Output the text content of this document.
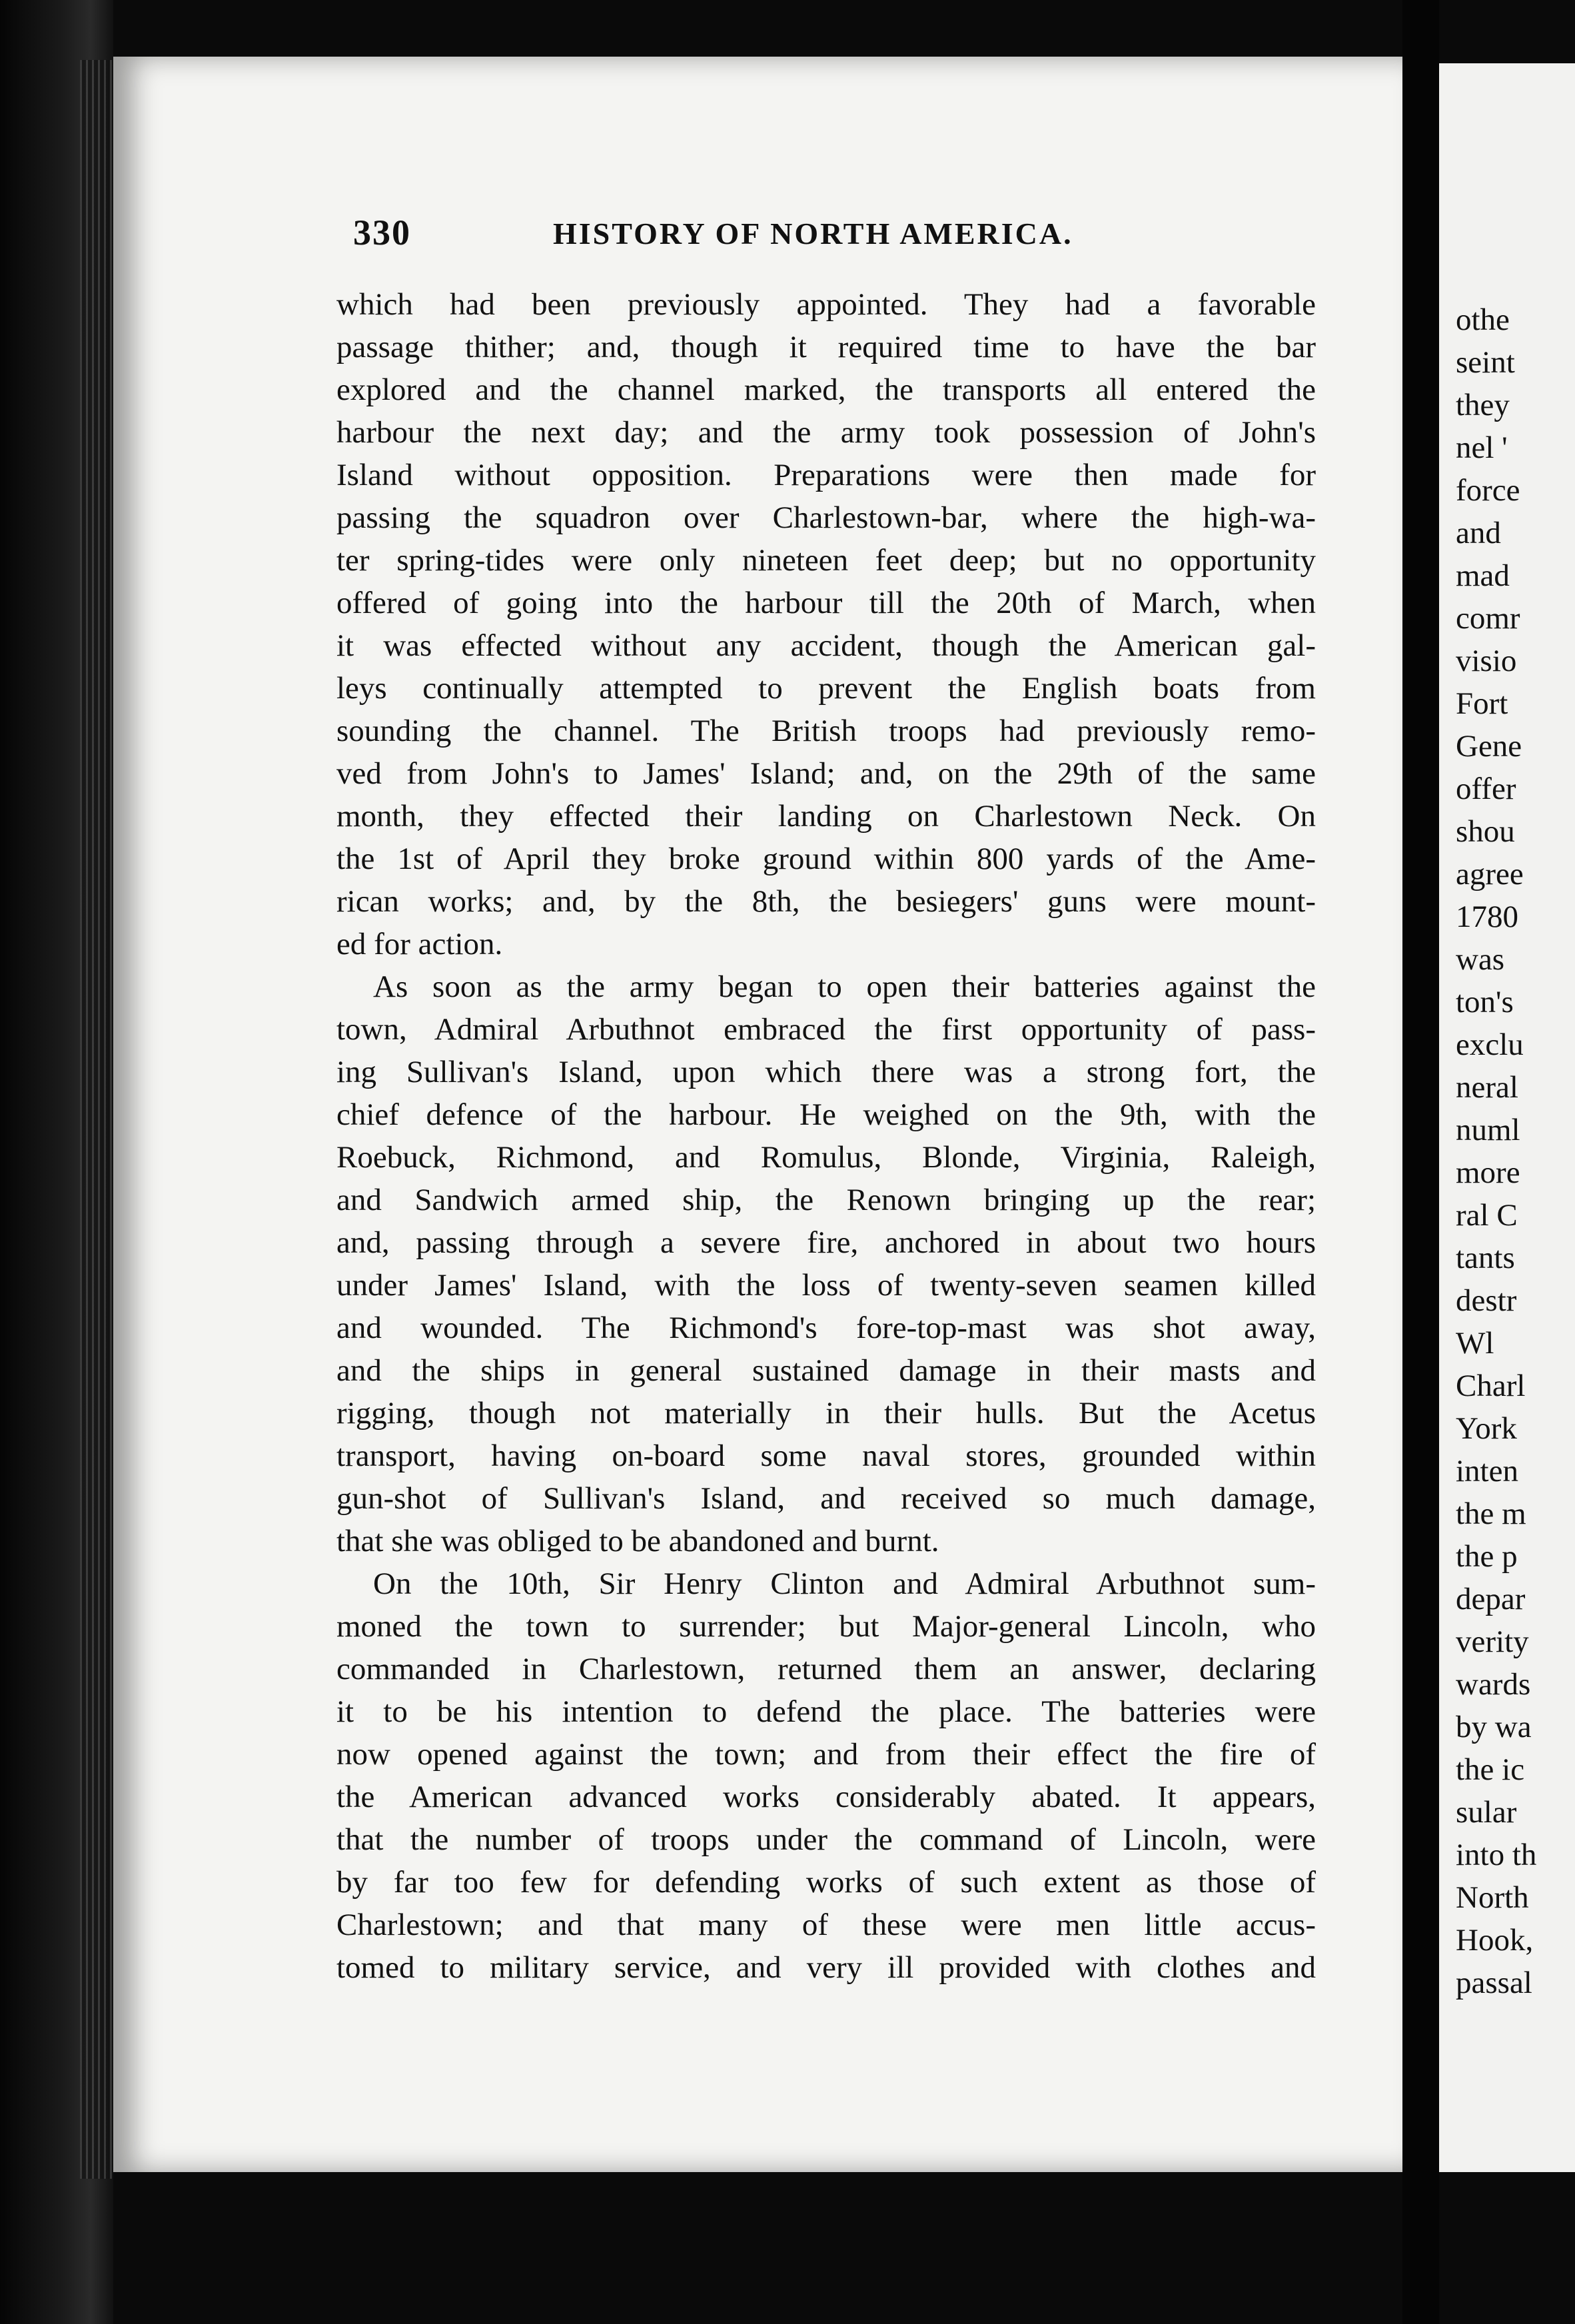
330	HISTORY OF NORTH AMERICA.
which had been previously appointed. They had a favorable
passage thither; and, though it required time to have the bar
explored and the channel marked, the transports all entered the
harbour the next day; and the army took possession of John's
Island without opposition. Preparations were then made for
passing the squadron over Charlestown-bar, where the high-wa-
ter spring-tides were only nineteen feet deep; but no opportunity
offered of going into the harbour till the 20th of March, when
it was effected without any accident, though the American gal-
leys continually attempted to prevent the English boats from
sounding the channel. The British troops had previously remo-
ved from John's to James' Island; and, on the 29th of the same
month, they effected their landing on Charlestown Neck. On
the 1st of April they broke ground within 800 yards of the Ame-
rican works; and, by the 8th, the besiegers' guns were mount-
ed for action.
As soon as the army began to open their batteries against the
town, Admiral Arbuthnot embraced the first opportunity of pass-
ing Sullivan's Island, upon which there was a strong fort, the
chief defence of the harbour. He weighed on the 9th, with the
Roebuck, Richmond, and Romulus, Blonde, Virginia, Raleigh,
and Sandwich armed ship, the Renown bringing up the rear;
and, passing through a severe fire, anchored in about two hours
under James' Island, with the loss of twenty-seven seamen killed
and wounded. The Richmond's fore-top-mast was shot away,
and the ships in general sustained damage in their masts and
rigging, though not materially in their hulls. But the Acetus
transport, having on-board some naval stores, grounded within
gun-shot of Sullivan's Island, and received so much damage,
that she was obliged to be abandoned and burnt.
On the 10th, Sir Henry Clinton and Admiral Arbuthnot sum-
moned the town to surrender; but Major-general Lincoln, who
commanded in Charlestown, returned them an answer, declaring
it to be his intention to defend the place. The batteries were
now opened against the town; and from their effect the fire of
the American advanced works considerably abated. It appears,
that the number of troops under the command of Lincoln, were
by far too few for defending works of such extent as those of
Charlestown; and that many of these were men little accus-
tomed to military service, and very ill provided with clothes and
othe
seint
they
nel '
force
and
mad
comr
visio
Fort
Gene
offer
shou
agree
1780
was
ton's
exclu
neral
numl
more
ral C
tants
destr
Wl
Charl
York
inten
the m
the p
depar
verity
wards
by wa
the ic
sular
into th
North
Hook,
passal
